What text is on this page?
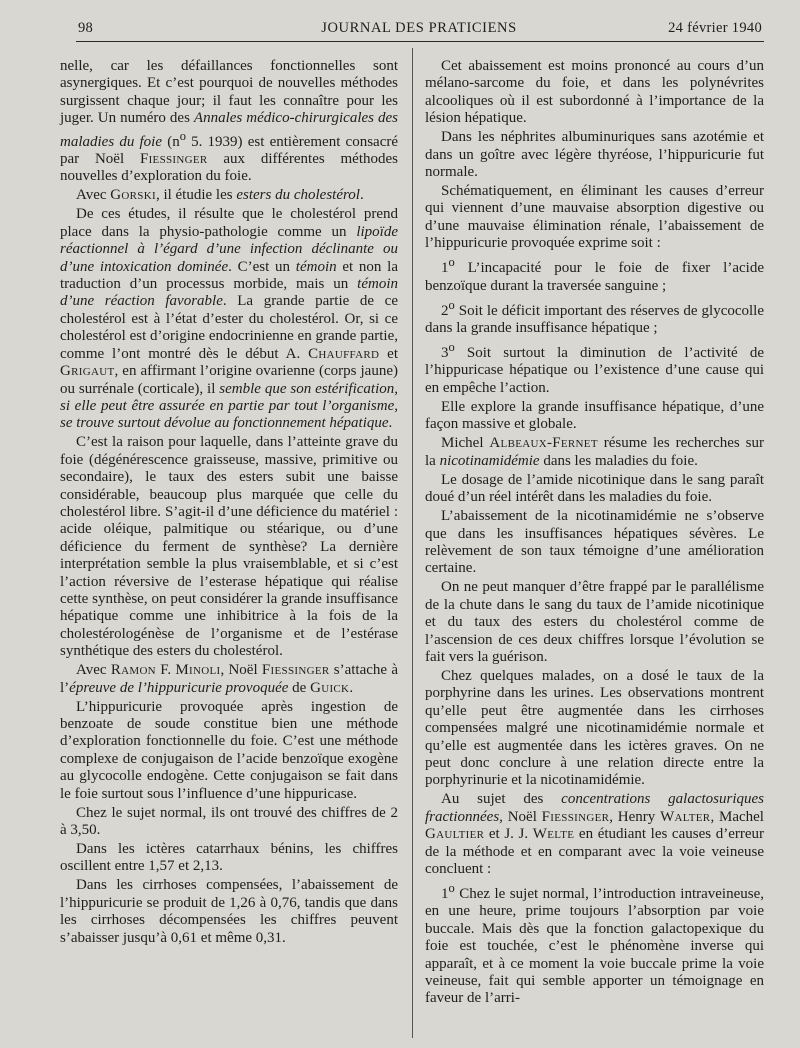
98	JOURNAL DES PRATICIENS	24 février 1940

nelle, car les défaillances fonctionnelles sont asynergiques. Et c’est pourquoi de nouvelles méthodes surgissent chaque jour; il faut les connaître pour les juger. Un numéro des Annales médico-chirurgicales des maladies du foie ($n^o$ 5. 1939) est entièrement consacré par Noël Fiessinger aux différentes méthodes nouvelles d’exploration du foie.

Avec Gorski, il étudie les esters du cholestérol.

De ces études, il résulte que le cholestérol prend place dans la physio-pathologie comme un lipoïde réactionnel à l’égard d’une infection déclinante ou d’une intoxication dominée. C’est un témoin et non la traduction d’un processus morbide, mais un témoin d’une réaction favorable. La grande partie de ce cholestérol est à l’état d’ester du cholestérol. Or, si ce cholestérol est d’origine endocrinienne en grande partie, comme l’ont montré dès le début A. Chauffard et Grigaut, en affirmant l’origine ovarienne (corps jaune) ou surrénale (corticale), il semble que son estérification, si elle peut être assurée en partie par tout l’organisme, se trouve surtout dévolue au fonctionnement hépatique.

C’est la raison pour laquelle, dans l’atteinte grave du foie (dégénérescence graisseuse, massive, primitive ou secondaire), le taux des esters subit une baisse considérable, beaucoup plus marquée que celle du cholestérol libre. S’agit-il d’une déficience du matériel : acide oléique, palmitique ou stéarique, ou d’une déficience du ferment de synthèse? La dernière interprétation semble la plus vraisemblable, et si c’est l’action réversive de l’esterase hépatique qui réalise cette synthèse, on peut considérer la grande insuffisance hépatique comme une inhibitrice à la fois de la cholestérologénèse de l’organisme et de l’estérase synthétique des esters du cholestérol.

Avec Ramon F. Minoli, Noël Fiessinger s’attache à l’épreuve de l’hippuricurie provoquée de Guick.

L’hippuricurie provoquée après ingestion de benzoate de soude constitue bien une méthode d’exploration fonctionnelle du foie. C’est une méthode complexe de conjugaison de l’acide benzoïque exogène au glycocolle endogène. Cette conjugaison se fait dans le foie surtout sous l’influence d’une hippuricase.

Chez le sujet normal, ils ont trouvé des chiffres de 2 à 3,50.

Dans les ictères catarrhaux bénins, les chiffres oscillent entre 1,57 et 2,13.

Dans les cirrhoses compensées, l’abaissement de l’hippuricurie se produit de 1,26 à 0,76, tandis que dans les cirrhoses décompensées les chiffres peuvent s’abaisser jusqu’à 0,61 et même 0,31.

Cet abaissement est moins prononcé au cours d’un mélano-sarcome du foie, et dans les polynévrites alcooliques où il est subordonné à l’importance de la lésion hépatique.

Dans les néphrites albuminuriques sans azotémie et dans un goître avec légère thyréose, l’hippuricurie fut normale.

Schématiquement, en éliminant les causes d’erreur qui viennent d’une mauvaise absorption digestive ou d’une mauvaise élimination rénale, l’abaissement de l’hippuricurie provoquée exprime soit :

1$^o$ L’incapacité pour le foie de fixer l’acide benzoïque durant la traversée sanguine ;

2$^o$ Soit le déficit important des réserves de glycocolle dans la grande insuffisance hépatique ;

3$^o$ Soit surtout la diminution de l’activité de l’hippuricase hépatique ou l’existence d’une cause qui en empêche l’action.

Elle explore la grande insuffisance hépatique, d’une façon massive et globale.

Michel Albeaux-Fernet résume les recherches sur la nicotinamidémie dans les maladies du foie.

Le dosage de l’amide nicotinique dans le sang paraît doué d’un réel intérêt dans les maladies du foie.

L’abaissement de la nicotinamidémie ne s’observe que dans les insuffisances hépatiques sévères. Le relèvement de son taux témoigne d’une amélioration certaine.

On ne peut manquer d’être frappé par le parallélisme de la chute dans le sang du taux de l’amide nicotinique et du taux des esters du cholestérol comme de l’ascension de ces deux chiffres lorsque l’évolution se fait vers la guérison.

Chez quelques malades, on a dosé le taux de la porphyrine dans les urines. Les observations montrent qu’elle peut être augmentée dans les cirrhoses compensées malgré une nicotinamidémie normale et qu’elle est augmentée dans les ictères graves. On ne peut donc conclure à une relation directe entre la porphyrinurie et la nicotinamidémie.

Au sujet des concentrations galactosuriques fractionnées, Noël Fiessinger, Henry Walter, Machel Gaultier et J. J. Welte en étudiant les causes d’erreur de la méthode et en comparant avec la voie veineuse concluent :

1$^o$ Chez le sujet normal, l’introduction intraveineuse, en une heure, prime toujours l’absorption par voie buccale. Mais dès que la fonction galactopexique du foie est touchée, c’est le phénomène inverse qui apparaît, et à ce moment la voie buccale prime la voie veineuse, fait qui semble apporter un témoignage en faveur de l’arri-
